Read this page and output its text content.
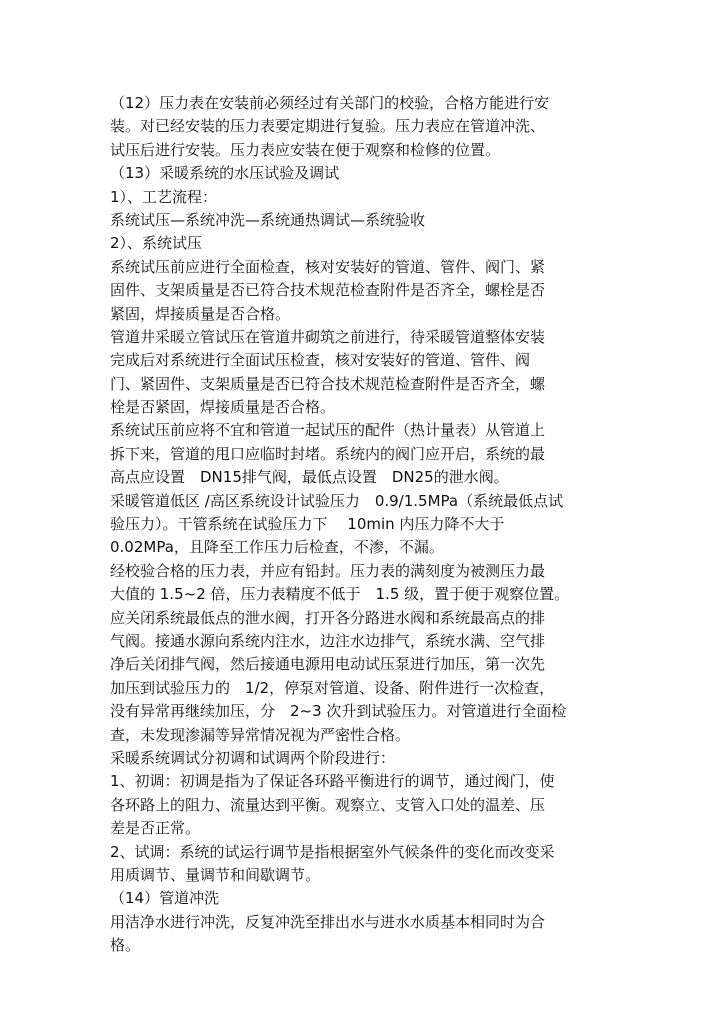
（12）压力表在安装前必须经过有关部门的校验，合格方能进行安
装。对已经安装的压力表要定期进行复验。压力表应在管道冲洗、
试压后进行安装。压力表应安装在便于观察和检修的位置。
（13）采暖系统的水压试验及调试
1）、工艺流程：
系统试压—系统冲洗—系统通热调试—系统验收
2）、系统试压
系统试压前应进行全面检查，核对安装好的管道、管件、阀门、紧
固件、支架质量是否已符合技术规范检查附件是否齐全，螺栓是否
紧固，焊接质量是否合格。
管道井采暖立管试压在管道井砌筑之前进行，待采暖管道整体安装
完成后对系统进行全面试压检查，核对安装好的管道、管件、阀
门、紧固件、支架质量是否已符合技术规范检查附件是否齐全，螺
栓是否紧固，焊接质量是否合格。
系统试压前应将不宜和管道一起试压的配件（热计量表）从管道上
拆下来，管道的甩口应临时封堵。系统内的阀门应开启，系统的最
高点应设置　DN15排气阀，最低点设置　DN25的泄水阀。
采暖管道低区 /高区系统设计试验压力　0.9/1.5MPa（系统最低点试
验压力）。干管系统在试验压力下　 10min 内压力降不大于
0.02MPa，且降至工作压力后检查，不渗，不漏。
经校验合格的压力表，并应有铅封。压力表的满刻度为被测压力最
大值的 1.5~2 倍，压力表精度不低于　1.5 级，置于便于观察位置。
应关闭系统最低点的泄水阀，打开各分路进水阀和系统最高点的排
气阀。接通水源向系统内注水，边注水边排气，系统水满、空气排
净后关闭排气阀，然后接通电源用电动试压泵进行加压，第一次先
加压到试验压力的　1/2，停泵对管道、设备、附件进行一次检查，
没有异常再继续加压，分　2~3 次升到试验压力。对管道进行全面检
查，未发现渗漏等异常情况视为严密性合格。
采暖系统调试分初调和试调两个阶段进行：
1、初调：初调是指为了保证各环路平衡进行的调节，通过阀门，使
各环路上的阻力、流量达到平衡。观察立、支管入口处的温差、压
差是否正常。
2、试调：系统的试运行调节是指根据室外气候条件的变化而改变采
用质调节、量调节和间歇调节。
（14）管道冲洗
用洁净水进行冲洗，反复冲洗至排出水与进水水质基本相同时为合
格。
